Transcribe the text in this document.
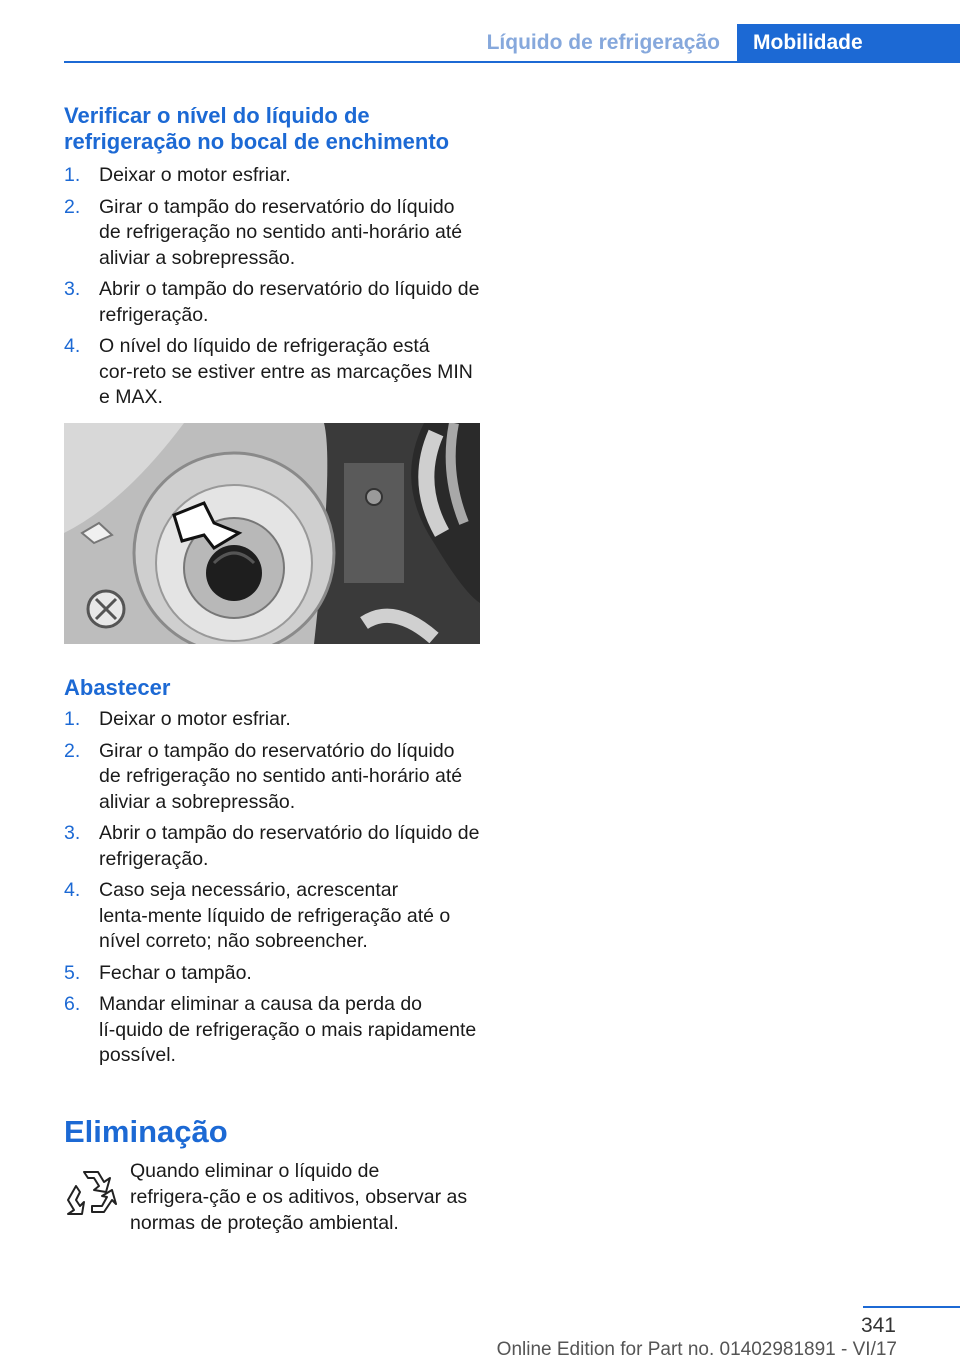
Líquido de refrigeração	Mobilidade
Verificar o nível do líquido de refrigeração no bocal de enchimento
1. Deixar o motor esfriar.
2. Girar o tampão do reservatório do líquido de refrigeração no sentido anti‑horário até aliviar a sobrepressão.
3. Abrir o tampão do reservatório do líquido de refrigeração.
4. O nível do líquido de refrigeração está cor‑reto se estiver entre as marcações MIN e MAX.
Abastecer
1. Deixar o motor esfriar.
2. Girar o tampão do reservatório do líquido de refrigeração no sentido anti‑horário até aliviar a sobrepressão.
3. Abrir o tampão do reservatório do líquido de refrigeração.
4. Caso seja necessário, acrescentar lenta‑mente líquido de refrigeração até o nível correto; não sobreencher.
5. Fechar o tampão.
6. Mandar eliminar a causa da perda do lí‑quido de refrigeração o mais rapidamente possível.
Eliminação
Quando eliminar o líquido de refrigera‑ção e os aditivos, observar as normas de proteção ambiental.
341
Online Edition for Part no. 01402981891 - VI/17
